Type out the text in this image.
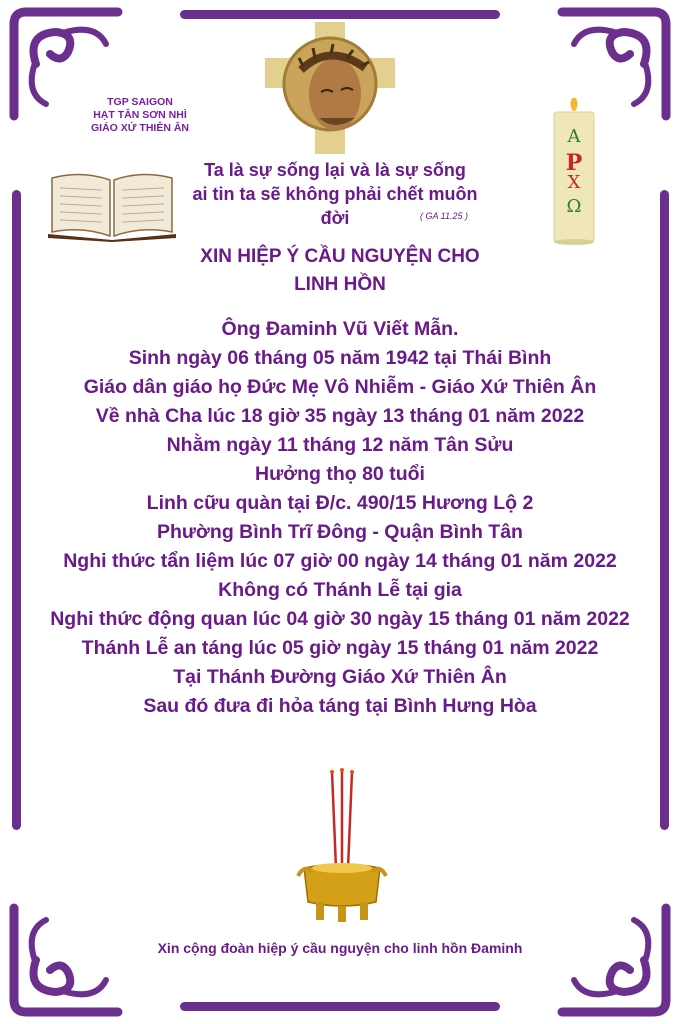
TGP SAIGON
HẠT TÂN SƠN NHÌ
GIÁO XỨ THIÊN ÂN
Ta là sự sống lại và là sự sống
ai tin ta sẽ không phải chết muôn đời	( GA 11.25 )
A
P
X
Ω
XIN HIỆP Ý CẦU NGUYỆN CHO
LINH HỒN
Ông Đaminh Vũ Viết Mẫn.
Sinh ngày 06 tháng 05 năm 1942 tại Thái Bình
Giáo dân giáo họ Đức Mẹ Vô Nhiễm - Giáo Xứ Thiên Ân
Về nhà Cha lúc 18 giờ 35 ngày 13 tháng 01 năm 2022
Nhằm ngày 11 tháng 12 năm Tân Sửu
Hưởng thọ 80 tuổi
Linh cữu quàn tại Đ/c. 490/15 Hương Lộ 2
Phường Bình Trĩ Đông - Quận Bình Tân
Nghi thức tẩn liệm lúc 07 giờ 00 ngày 14 tháng 01 năm 2022
Không có Thánh Lễ tại gia
Nghi thức động quan lúc 04 giờ 30 ngày 15 tháng 01 năm 2022
Thánh Lễ an táng lúc 05 giờ ngày 15 tháng 01 năm 2022
Tại Thánh Đường Giáo Xứ Thiên Ân
Sau đó đưa đi hỏa táng tại Bình Hưng Hòa
Xin cộng đoàn hiệp ý cầu nguyện cho linh hồn Đaminh
